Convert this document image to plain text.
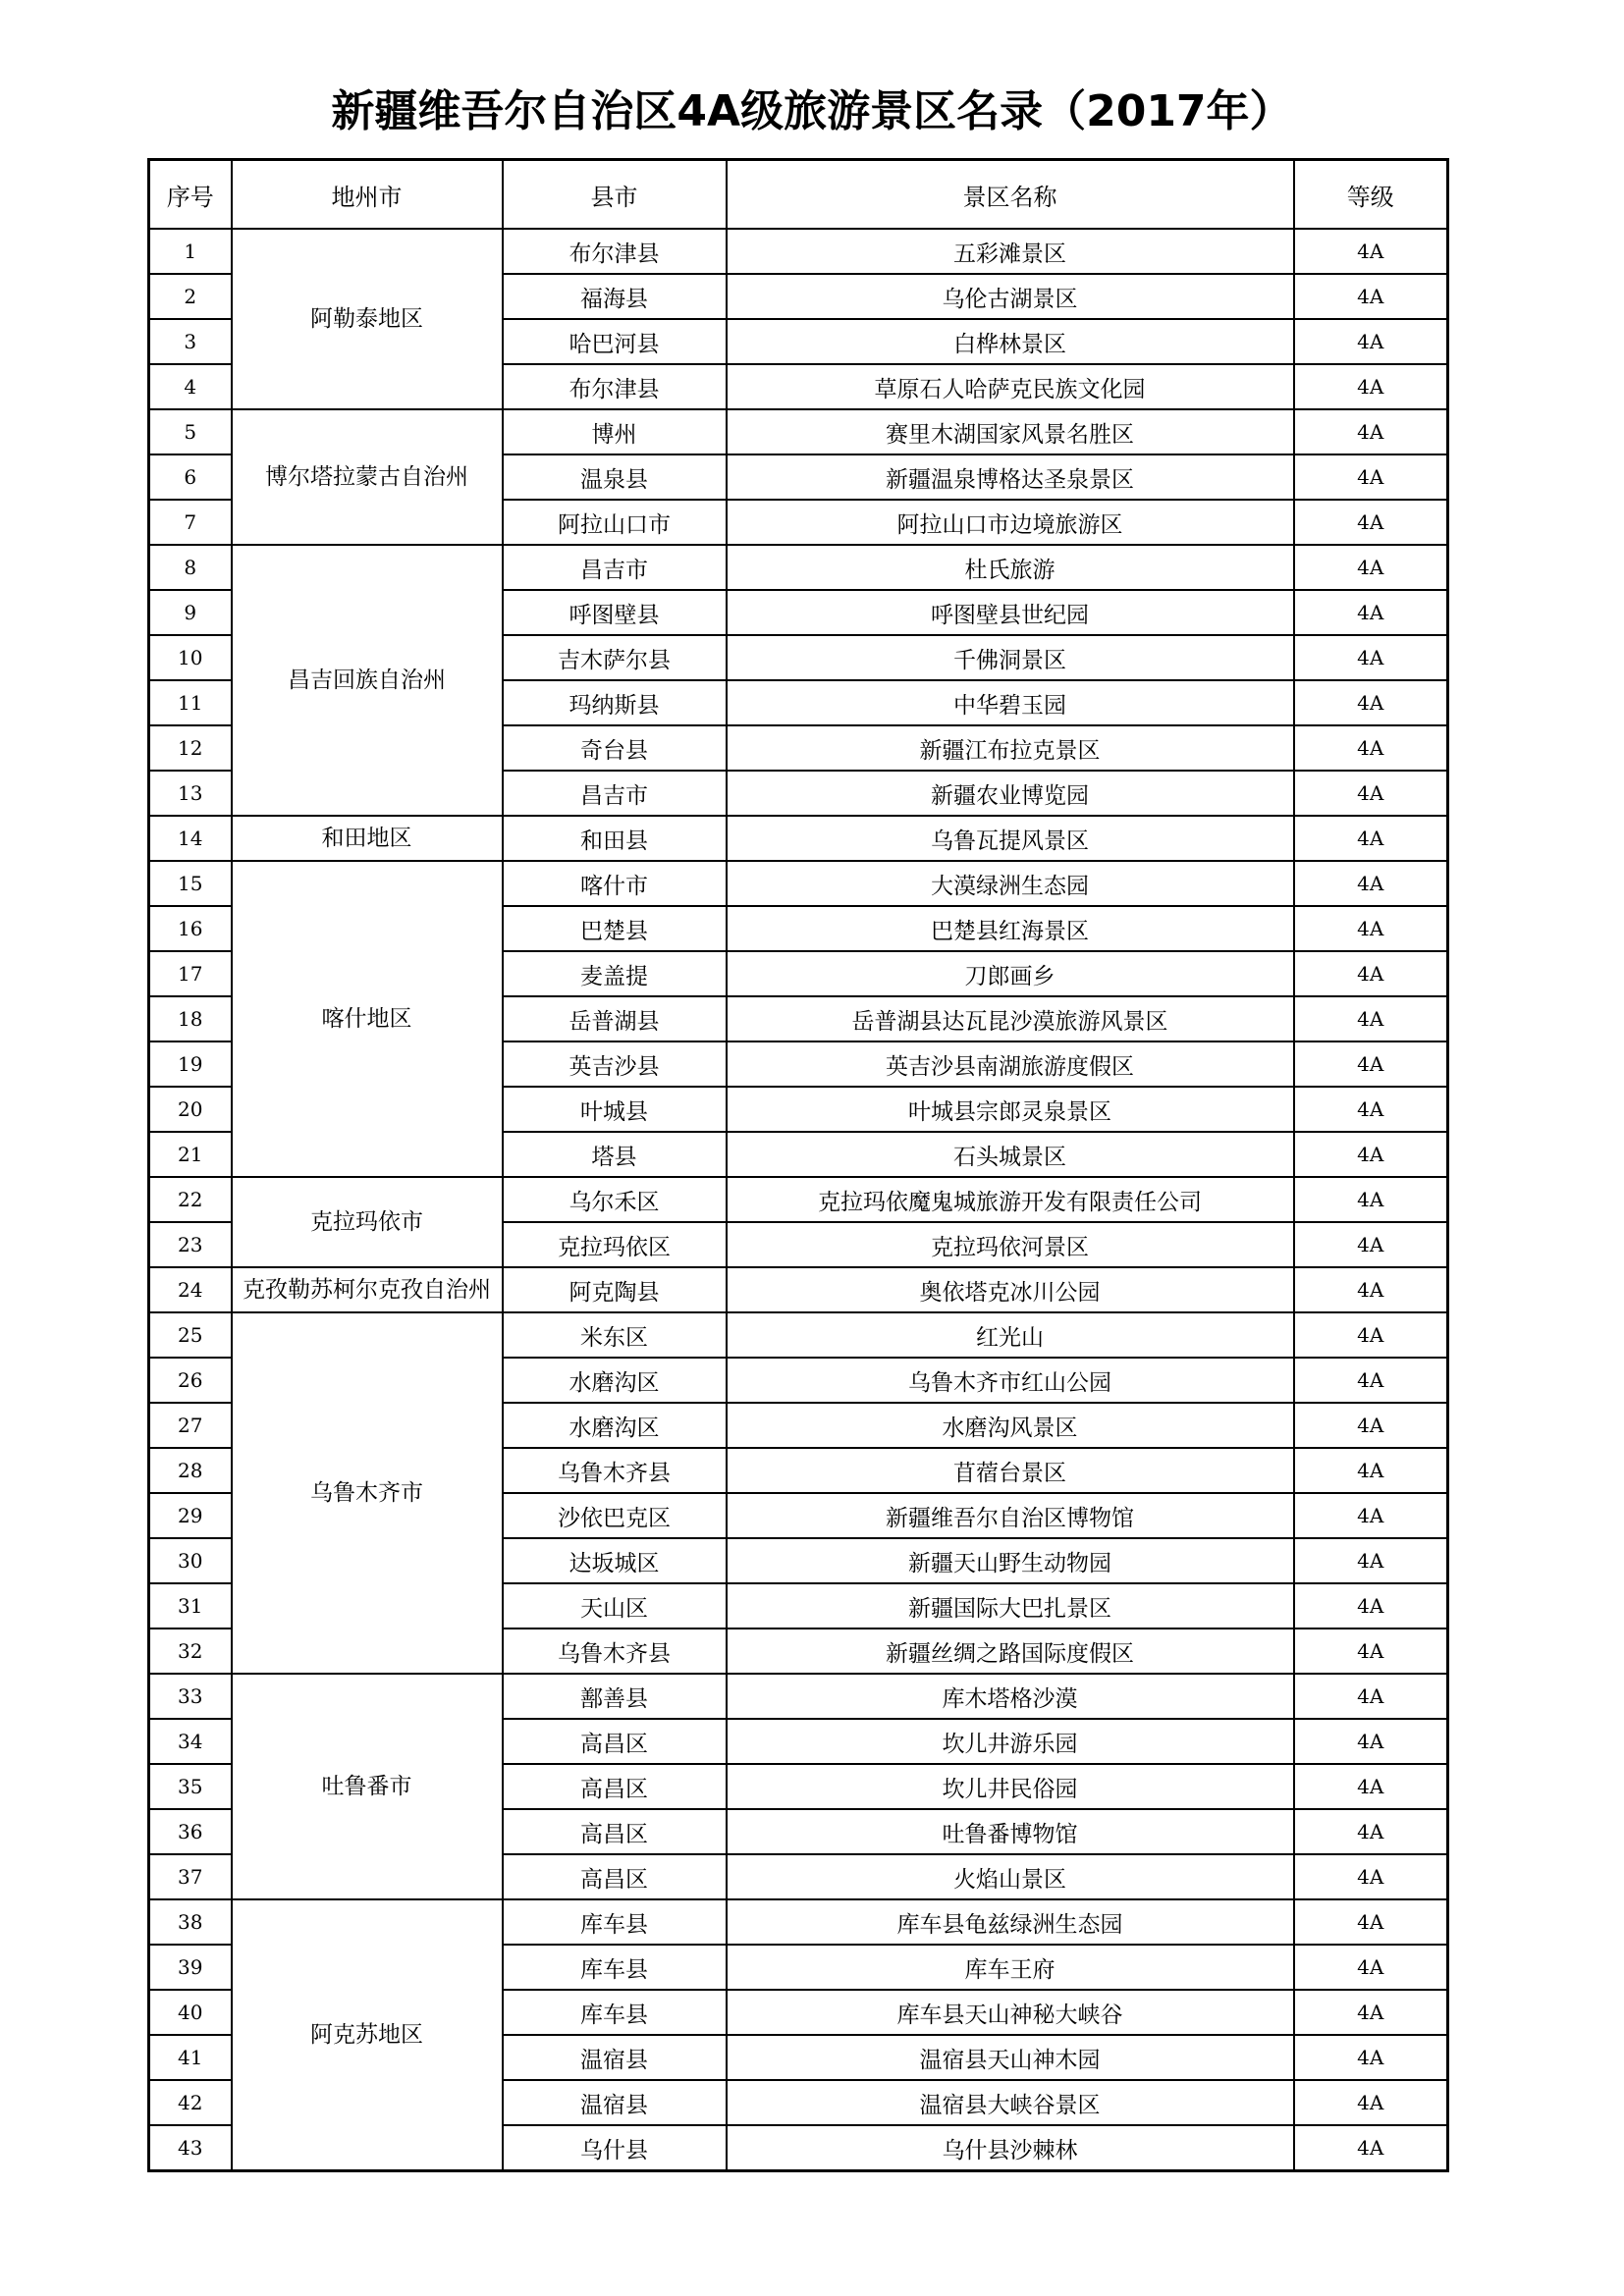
新疆维吾尔自治区4A级旅游景区名录（2017年）
序号	地州市	县市	景区名称	等级
1	阿勒泰地区	布尔津县	五彩滩景区	4A
2		福海县	乌伦古湖景区	4A
3		哈巴河县	白桦林景区	4A
4		布尔津县	草原石人哈萨克民族文化园	4A
5	博尔塔拉蒙古自治州	博州	赛里木湖国家风景名胜区	4A
6		温泉县	新疆温泉博格达圣泉景区	4A
7		阿拉山口市	阿拉山口市边境旅游区	4A
8	昌吉回族自治州	昌吉市	杜氏旅游	4A
9		呼图壁县	呼图壁县世纪园	4A
10		吉木萨尔县	千佛洞景区	4A
11		玛纳斯县	中华碧玉园	4A
12		奇台县	新疆江布拉克景区	4A
13		昌吉市	新疆农业博览园	4A
14	和田地区	和田县	乌鲁瓦提风景区	4A
15	喀什地区	喀什市	大漠绿洲生态园	4A
16		巴楚县	巴楚县红海景区	4A
17		麦盖提	刀郎画乡	4A
18		岳普湖县	岳普湖县达瓦昆沙漠旅游风景区	4A
19		英吉沙县	英吉沙县南湖旅游度假区	4A
20		叶城县	叶城县宗郎灵泉景区	4A
21		塔县	石头城景区	4A
22	克拉玛依市	乌尔禾区	克拉玛依魔鬼城旅游开发有限责任公司	4A
23		克拉玛依区	克拉玛依河景区	4A
24	克孜勒苏柯尔克孜自治州	阿克陶县	奥依塔克冰川公园	4A
25	乌鲁木齐市	米东区	红光山	4A
26		水磨沟区	乌鲁木齐市红山公园	4A
27		水磨沟区	水磨沟风景区	4A
28		乌鲁木齐县	苜蓿台景区	4A
29		沙依巴克区	新疆维吾尔自治区博物馆	4A
30		达坂城区	新疆天山野生动物园	4A
31		天山区	新疆国际大巴扎景区	4A
32		乌鲁木齐县	新疆丝绸之路国际度假区	4A
33	吐鲁番市	鄯善县	库木塔格沙漠	4A
34		高昌区	坎儿井游乐园	4A
35		高昌区	坎儿井民俗园	4A
36		高昌区	吐鲁番博物馆	4A
37		高昌区	火焰山景区	4A
38	阿克苏地区	库车县	库车县龟兹绿洲生态园	4A
39		库车县	库车王府	4A
40		库车县	库车县天山神秘大峡谷	4A
41		温宿县	温宿县天山神木园	4A
42		温宿县	温宿县大峡谷景区	4A
43		乌什县	乌什县沙棘林	4A
